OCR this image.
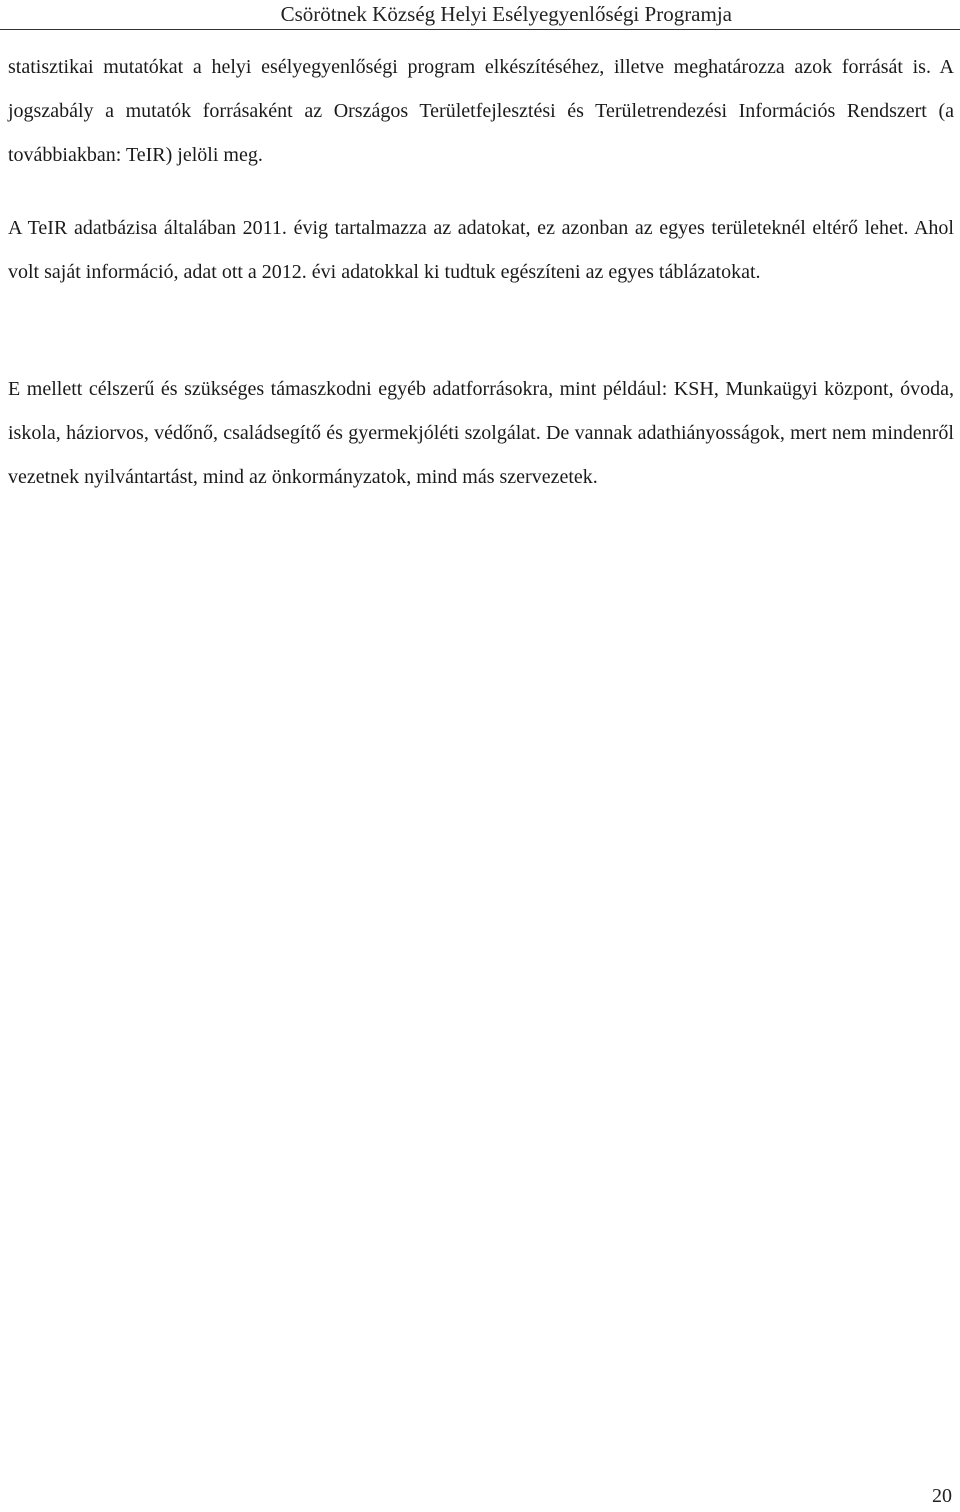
Csörötnek Község Helyi Esélyegyenlőségi Programja

statisztikai mutatókat a helyi esélyegyenlőségi program elkészítéséhez, illetve meghatározza azok forrását is. A jogszabály a mutatók forrásaként az Országos Területfejlesztési és Területrendezési Információs Rendszert (a továbbiakban: TeIR) jelöli meg.

A TeIR adatbázisa általában 2011. évig tartalmazza az adatokat, ez azonban az egyes területeknél eltérő lehet. Ahol volt saját információ, adat ott a 2012. évi adatokkal ki tudtuk egészíteni az egyes táblázatokat.

E mellett célszerű és szükséges támaszkodni egyéb adatforrásokra, mint például: KSH, Munkaügyi központ, óvoda, iskola, háziorvos, védőnő, családsegítő és gyermekjóléti szolgálat. De vannak adathiányosságok, mert nem mindenről vezetnek nyilvántartást, mind az önkormányzatok, mind más szervezetek.

20
